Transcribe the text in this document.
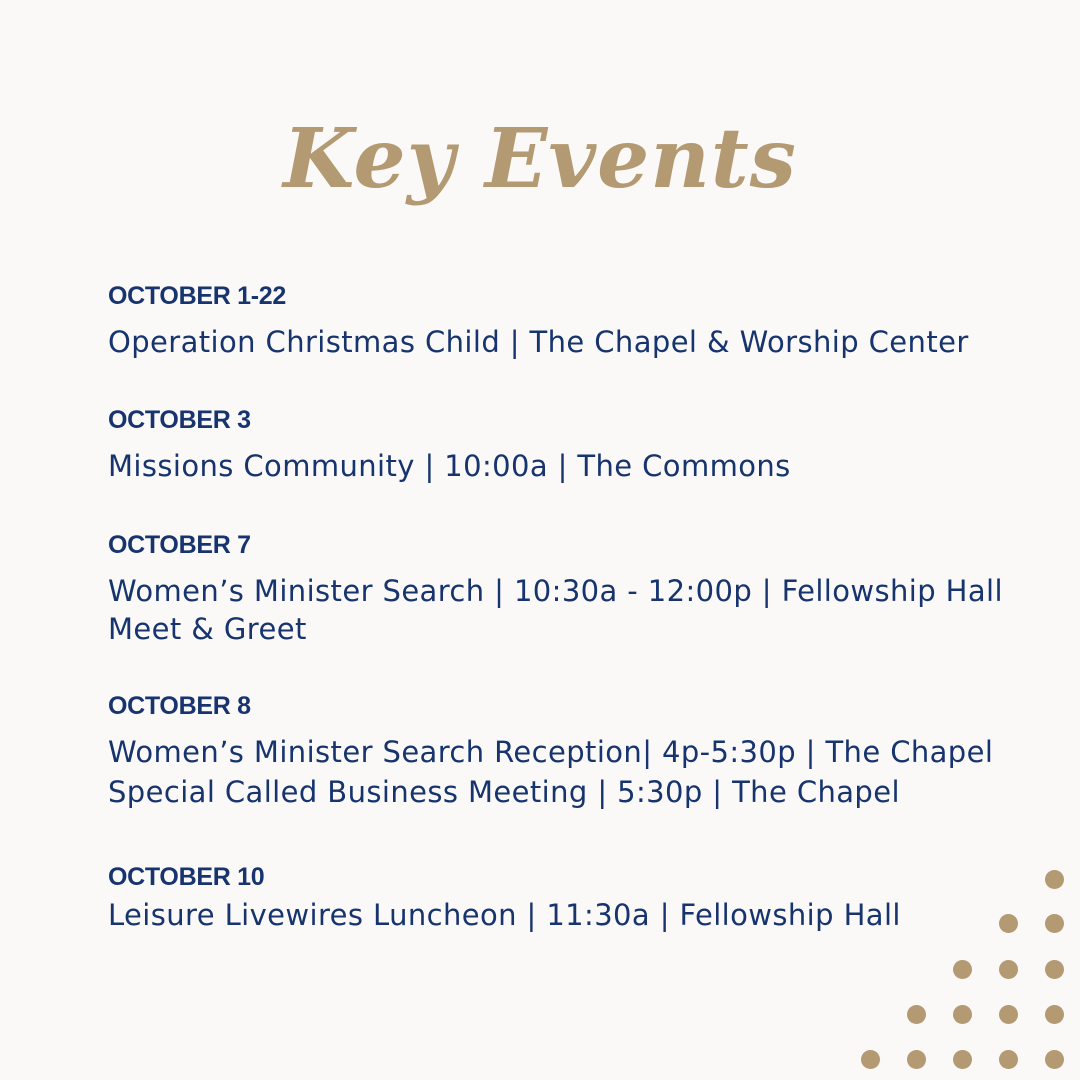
Key Events
OCTOBER 1-22
Operation Christmas Child | The Chapel & Worship Center
OCTOBER 3
Missions Community | 10:00a | The Commons
OCTOBER 7
Women’s Minister Search | 10:30a - 12:00p | Fellowship Hall
Meet & Greet
OCTOBER 8
Women’s Minister Search Reception| 4p-5:30p | The Chapel
Special Called Business Meeting | 5:30p | The Chapel
OCTOBER 10
Leisure Livewires Luncheon | 11:30a | Fellowship Hall
